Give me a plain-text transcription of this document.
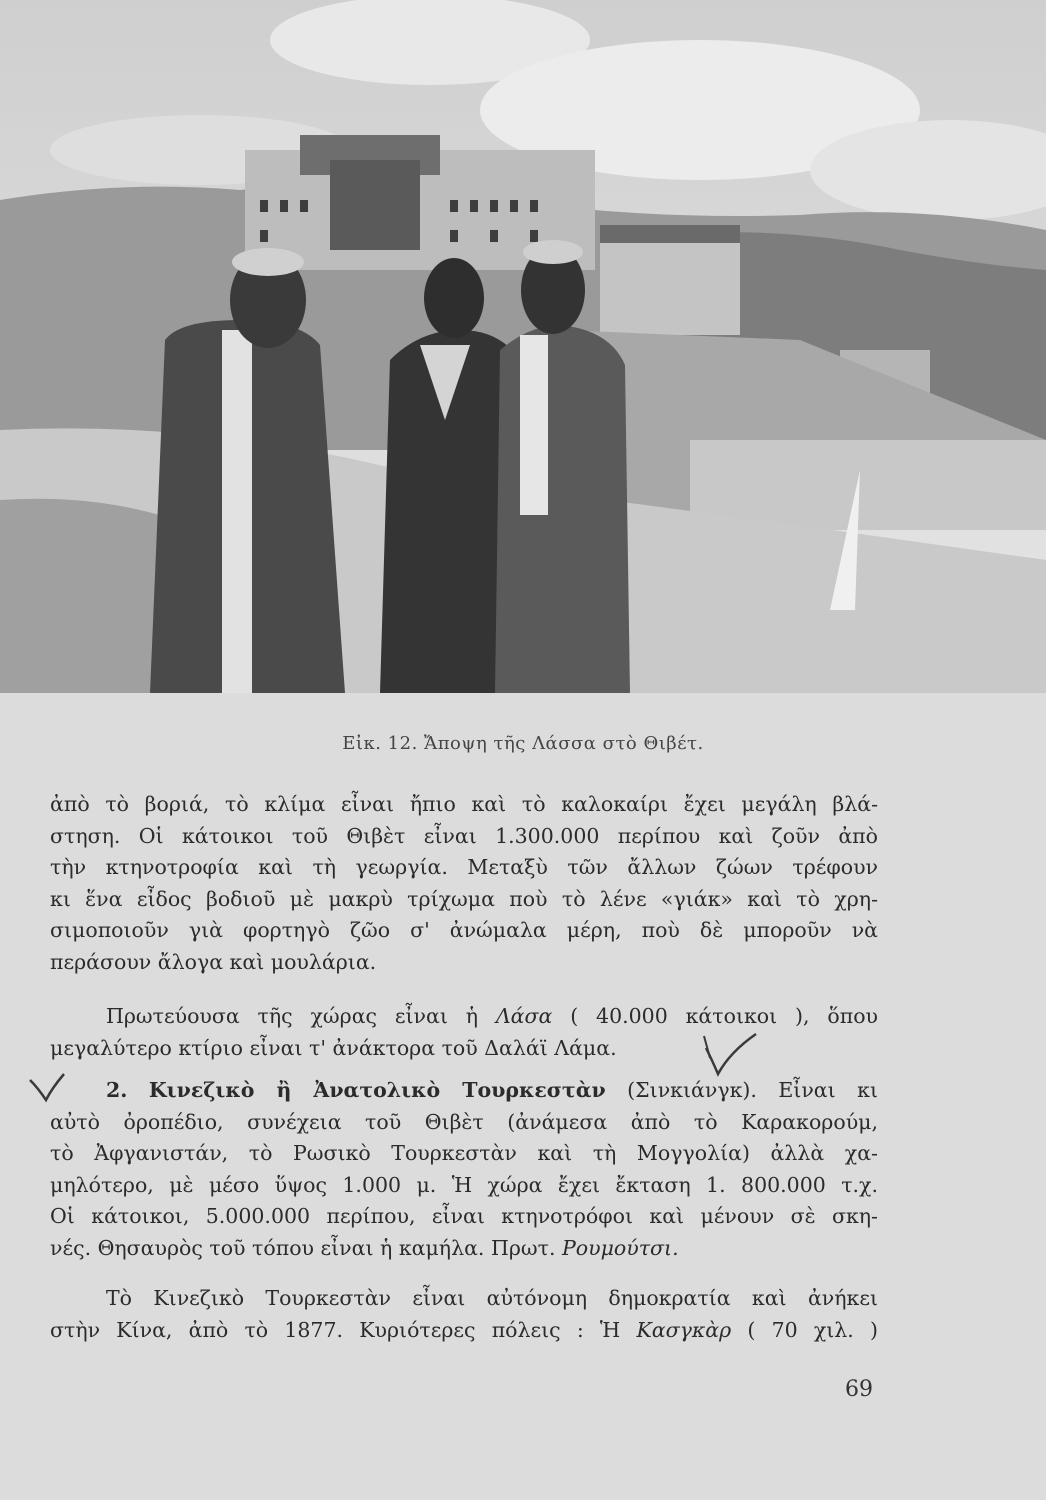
Εἰκ. 12. Ἄποψη τῆς Λάσσα στὸ Θιβέτ.
ἀπὸ τὸ βοριά, τὸ κλίμα εἶναι ἤπιο καὶ τὸ καλοκαίρι ἔχει μεγάλη βλά-
στηση. Οἱ κάτοικοι τοῦ Θιβὲτ εἶναι 1.300.000 περίπου καὶ ζοῦν ἀπὸ
τὴν κτηνοτροφία καὶ τὴ γεωργία. Μεταξὺ τῶν ἄλλων ζώων τρέφουν
κι ἕνα εἶδος βοδιοῦ μὲ μακρὺ τρίχωμα ποὺ τὸ λένε «γιάκ» καὶ τὸ χρη-
σιμοποιοῦν γιὰ φορτηγὸ ζῶο σ' ἀνώμαλα μέρη, ποὺ δὲ μποροῦν νὰ
περάσουν ἄλογα καὶ μουλάρια.
Πρωτεύουσα τῆς χώρας εἶναι ἡ Λάσα ( 40.000 κάτοικοι ), ὅπου
μεγαλύτερο κτίριο εἶναι τ' ἀνάκτορα τοῦ Δαλάϊ Λάμα.
2. Κινεζικὸ ἢ Ἀνατολικὸ Τουρκεστὰν (Σινκιάνγκ). Εἶναι κι
αὐτὸ ὀροπέδιο, συνέχεια τοῦ Θιβὲτ (ἀνάμεσα ἀπὸ τὸ Καρακορούμ,
τὸ Ἀφγανιστάν, τὸ Ρωσικὸ Τουρκεστὰν καὶ τὴ Μογγολία) ἀλλὰ χα-
μηλότερο, μὲ μέσο ὕψος 1.000 μ. Ἡ χώρα ἔχει ἔκταση 1. 800.000 τ.χ.
Οἱ κάτοικοι, 5.000.000 περίπου, εἶναι κτηνοτρόφοι καὶ μένουν σὲ σκη-
νές. Θησαυρὸς τοῦ τόπου εἶναι ἡ καμήλα. Πρωτ. Ρουμούτσι.
Τὸ Κινεζικὸ Τουρκεστὰν εἶναι αὐτόνομη δημοκρατία καὶ ἀνήκει
στὴν Κίνα, ἀπὸ τὸ 1877. Κυριότερες πόλεις : Ἡ Κασγκὰρ ( 70 χιλ. )
69
